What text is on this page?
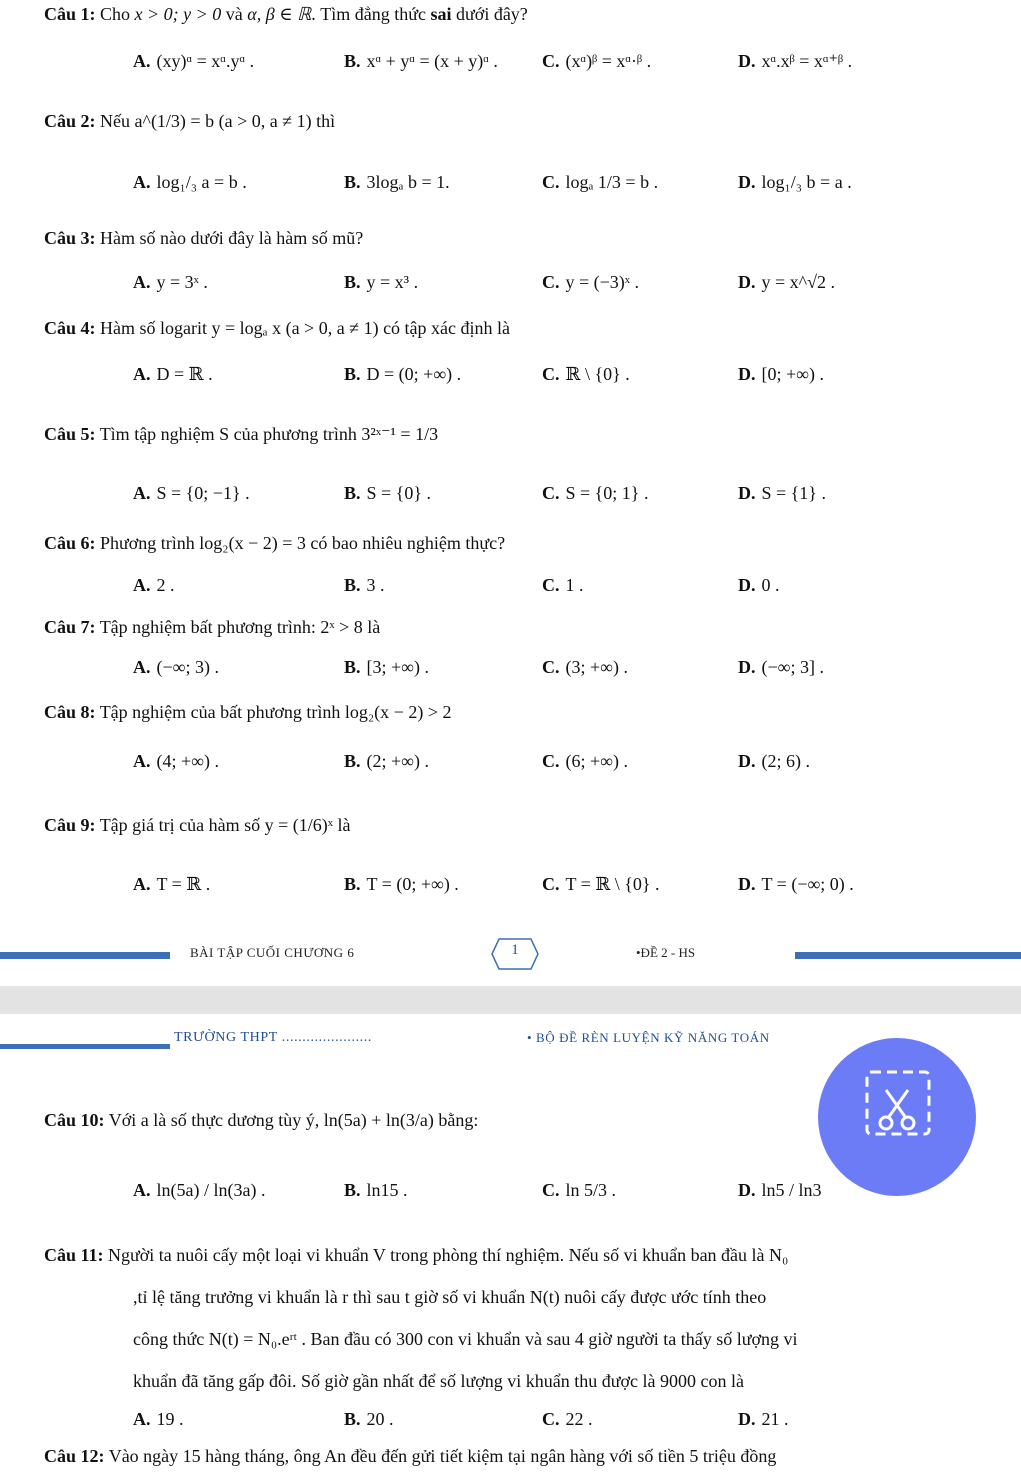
Câu 1: Cho x > 0; y > 0 và α, β ∈ ℝ. Tìm đẳng thức sai dưới đây?
A. (xy)ᵅ = xᵅ.yᵅ .	B. xᵅ + yᵅ = (x + y)ᵅ . C. (xᵅ)ᵝ = xᵅ·ᵝ .	D. xᵅ.xᵝ = xᵅ⁺ᵝ .
Câu 2: Nếu a^(1/3) = b (a > 0, a ≠ 1) thì
A. log₁/₃ a = b .	B. 3logₐ b = 1.	C. logₐ 1/3 = b .	D. log₁/₃ b = a .
Câu 3: Hàm số nào dưới đây là hàm số mũ?
A. y = 3ˣ .	B. y = x³ .	C. y = (−3)ˣ .	D. y = x^√2 .
Câu 4: Hàm số logarit y = logₐ x (a > 0, a ≠ 1) có tập xác định là
A. D = ℝ .	B. D = (0; +∞) .	C. ℝ \ {0} .	D. [0; +∞) .
Câu 5: Tìm tập nghiệm S của phương trình 3²ˣ⁻¹ = 1/3
A. S = {0; −1} .	B. S = {0} .	C. S = {0; 1} .	D. S = {1} .
Câu 6: Phương trình log₂(x − 2) = 3 có bao nhiêu nghiệm thực?
A. 2 .	B. 3 .	C. 1 .	D. 0 .
Câu 7: Tập nghiệm bất phương trình: 2ˣ > 8 là
A. (−∞; 3) .	B. [3; +∞) .	C. (3; +∞) .	D. (−∞; 3] .
Câu 8: Tập nghiệm của bất phương trình log₂(x − 2) > 2
A. (4; +∞) .	B. (2; +∞) .	C. (6; +∞) .	D. (2; 6) .
Câu 9: Tập giá trị của hàm số y = (1/6)ˣ là
A. T = ℝ .	B. T = (0; +∞) .	C. T = ℝ \ {0} .	D. T = (−∞; 0) .
BÀI TẬP CUỐI CHƯƠNG 6	1	•ĐỀ 2 - HS
TRƯỜNG THPT ......................	• BỘ ĐỀ RÈN LUYỆN KỸ NĂNG TOÁN
Câu 10: Với a là số thực dương tùy ý, ln(5a) + ln(3/a) bằng:
A. ln(5a) / ln(3a) .	B. ln15 .	C. ln 5/3 .	D. ln5 / ln3
Câu 11: Người ta nuôi cấy một loại vi khuẩn V trong phòng thí nghiệm. Nếu số vi khuẩn ban đầu là N₀
,tỉ lệ tăng trưởng vi khuẩn là r thì sau t giờ số vi khuẩn N(t) nuôi cấy được ước tính theo
công thức N(t) = N₀.eʳᵗ . Ban đầu có 300 con vi khuẩn và sau 4 giờ người ta thấy số lượng vi
khuẩn đã tăng gấp đôi. Số giờ gần nhất để số lượng vi khuẩn thu được là 9000 con là
A. 19 .	B. 20 .	C. 22 .	D. 21 .
Câu 12: Vào ngày 15 hàng tháng, ông An đều đến gửi tiết kiệm tại ngân hàng với số tiền 5 triệu đồng
